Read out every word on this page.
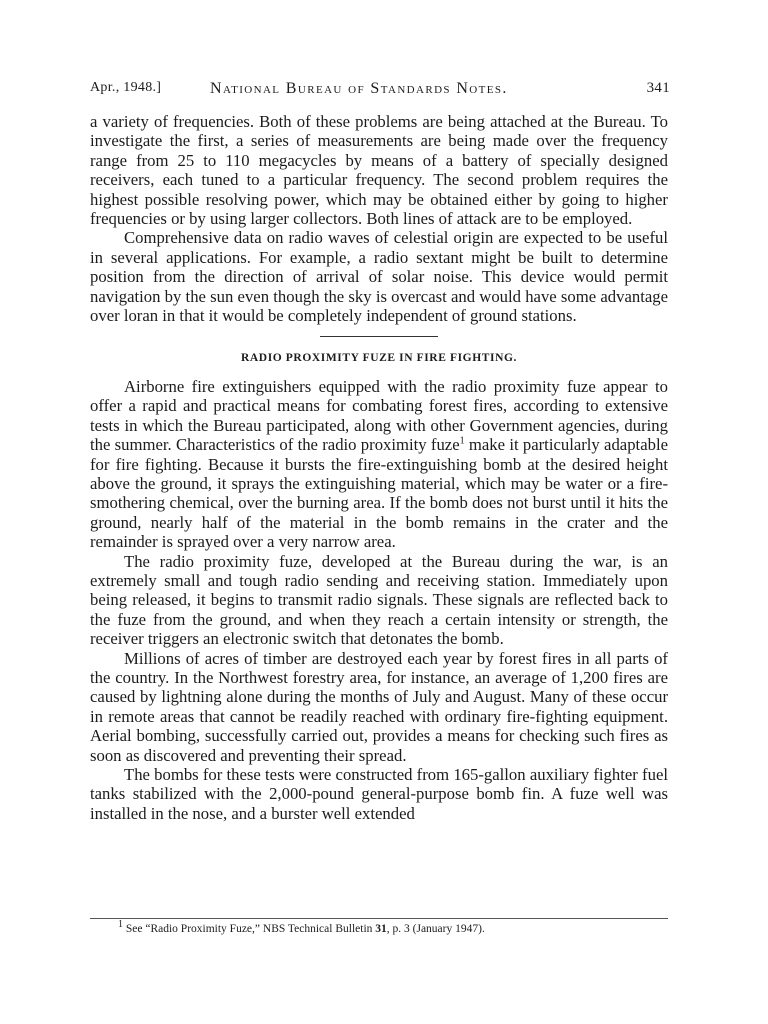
Apr., 1948.]	National Bureau of Standards Notes.	341

a variety of frequencies. Both of these problems are being attached at the Bureau. To investigate the first, a series of measurements are being made over the frequency range from 25 to 110 megacycles by means of a battery of specially designed receivers, each tuned to a particular frequency. The second problem requires the highest possible resolving power, which may be obtained either by going to higher frequencies or by using larger collectors. Both lines of attack are to be employed.

Comprehensive data on radio waves of celestial origin are expected to be useful in several applications. For example, a radio sextant might be built to determine position from the direction of arrival of solar noise. This device would permit navigation by the sun even though the sky is overcast and would have some advantage over loran in that it would be completely independent of ground stations.

RADIO PROXIMITY FUZE IN FIRE FIGHTING.

Airborne fire extinguishers equipped with the radio proximity fuze appear to offer a rapid and practical means for combating forest fires, according to extensive tests in which the Bureau participated, along with other Government agencies, during the summer. Characteristics of the radio proximity fuze$^1$ make it particularly adaptable for fire fighting. Because it bursts the fire-extinguishing bomb at the desired height above the ground, it sprays the extinguishing material, which may be water or a fire-smothering chemical, over the burning area. If the bomb does not burst until it hits the ground, nearly half of the material in the bomb remains in the crater and the remainder is sprayed over a very narrow area.

The radio proximity fuze, developed at the Bureau during the war, is an extremely small and tough radio sending and receiving station. Immediately upon being released, it begins to transmit radio signals. These signals are reflected back to the fuze from the ground, and when they reach a certain intensity or strength, the receiver triggers an electronic switch that detonates the bomb.

Millions of acres of timber are destroyed each year by forest fires in all parts of the country. In the Northwest forestry area, for instance, an average of 1,200 fires are caused by lightning alone during the months of July and August. Many of these occur in remote areas that cannot be readily reached with ordinary fire-fighting equipment. Aerial bombing, successfully carried out, provides a means for checking such fires as soon as discovered and preventing their spread.

The bombs for these tests were constructed from 165-gallon auxiliary fighter fuel tanks stabilized with the 2,000-pound general-purpose bomb fin. A fuze well was installed in the nose, and a burster well extended

$^1$ See “Radio Proximity Fuze,” NBS Technical Bulletin 31, p. 3 (January 1947).
